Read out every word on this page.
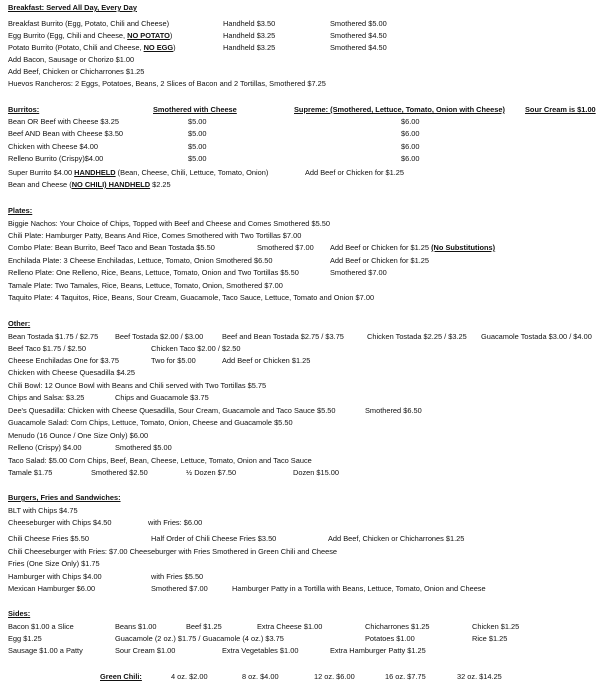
Breakfast: Served All Day, Every Day
Breakfast Burrito (Egg, Potato, Chili and Cheese)	Handheld $3.50	Smothered $5.00
Egg Burrito (Egg, Chili and Cheese, NO POTATO)	Handheld $3.25	Smothered $4.50
Potato Burrito (Potato, Chili and Cheese, NO EGG)	Handheld $3.25	Smothered $4.50
Add Bacon, Sausage or Chorizo $1.00
Add Beef, Chicken or Chicharrones $1.25
Huevos Rancheros: 2 Eggs, Potatoes, Beans, 2 Slices of Bacon and 2 Tortillas, Smothered $7.25
Burritos:	Smothered with Cheese	Supreme: (Smothered, Lettuce, Tomato, Onion with Cheese)	Sour Cream is $1.00
Bean OR Beef with Cheese $3.25	$5.00	$6.00
Beef AND Bean with Cheese $3.50	$5.00	$6.00
Chicken with Cheese $4.00	$5.00	$6.00
Relleno Burrito (Crispy)$4.00	$5.00	$6.00
Super Burrito $4.00 HANDHELD (Bean, Cheese, Chili, Lettuce, Tomato, Onion)	Add Beef or Chicken for $1.25
Bean and Cheese (NO CHILI) HANDHELD $2.25
Plates:
Biggie Nachos: Your Choice of Chips, Topped with Beef and Cheese and Comes Smothered $5.50
Chili Plate: Hamburger Patty, Beans And Rice, Comes Smothered with Two Tortillas $7.00
Combo Plate: Bean Burrito, Beef Taco and Bean Tostada $5.50	Smothered $7.00 Add Beef or Chicken for $1.25 (No Substitutions)
Enchilada Plate: 3 Cheese Enchiladas, Lettuce, Tomato, Onion Smothered $6.50	Add Beef or Chicken for $1.25
Relleno Plate: One Relleno, Rice, Beans, Lettuce, Tomato, Onion and Two Tortillas $5.50	Smothered $7.00
Tamale Plate: Two Tamales, Rice, Beans, Lettuce, Tomato, Onion, Smothered $7.00
Taquito Plate: 4 Taquitos, Rice, Beans, Sour Cream, Guacamole, Taco Sauce, Lettuce, Tomato and Onion $7.00
Other:
Bean Tostada $1.75 / $2.75 Beef Tostada $2.00 / $3.00	Beef and Bean Tostada $2.75 / $3.75	Chicken Tostada $2.25 / $3.25 Guacamole Tostada $3.00 / $4.00
Beef Taco $1.75 / $2.50	Chicken Taco $2.00 / $2.50
Cheese Enchiladas One for $3.75	Two for $5.00	Add Beef or Chicken $1.25
Chicken with Cheese Quesadilla $4.25
Chili Bowl: 12 Ounce Bowl with Beans and Chili served with Two Tortillas $5.75
Chips and Salsa: $3.25	Chips and Guacamole $3.75
Dee's Quesadilla: Chicken with Cheese Quesadilla, Sour Cream, Guacamole and Taco Sauce $5.50	Smothered $6.50
Guacamole Salad: Corn Chips, Lettuce, Tomato, Onion, Cheese and Guacamole $5.50
Menudo (16 Ounce / One Size Only) $6.00
Relleno (Crispy) $4.00	Smothered $5.00
Taco Salad: $5.00 Corn Chips, Beef, Bean, Cheese, Lettuce, Tomato, Onion and Taco Sauce
Tamale $1.75	Smothered $2.50	½ Dozen $7.50	Dozen $15.00
Burgers, Fries and Sandwiches:
BLT with Chips $4.75
Cheeseburger with Chips $4.50	with Fries: $6.00
Chili Cheese Fries $5.50	Half Order of Chili Cheese Fries $3.50	Add Beef, Chicken or Chicharrones $1.25
Chili Cheeseburger with Fries: $7.00 Cheeseburger with Fries Smothered in Green Chili and Cheese
Fries (One Size Only) $1.75
Hamburger with Chips $4.00	with Fries $5.50
Mexican Hamburger $6.00	Smothered $7.00	Hamburger Patty in a Tortilla with Beans, Lettuce, Tomato, Onion and Cheese
Sides:
Bacon $1.00 a Slice	Beans $1.00	Beef $1.25	Extra Cheese $1.00	Chicharrones $1.25	Chicken $1.25
Egg $1.25	Guacamole (2 oz.) $1.75 / Guacamole (4 oz.) $3.75	Potatoes $1.00	Rice $1.25
Sausage $1.00 a Patty	Sour Cream $1.00	Extra Vegetables $1.00	Extra Hamburger Patty $1.25
Green Chili:	4 oz. $2.00	8 oz. $4.00	12 oz. $6.00	16 oz. $7.75	32 oz. $14.25
